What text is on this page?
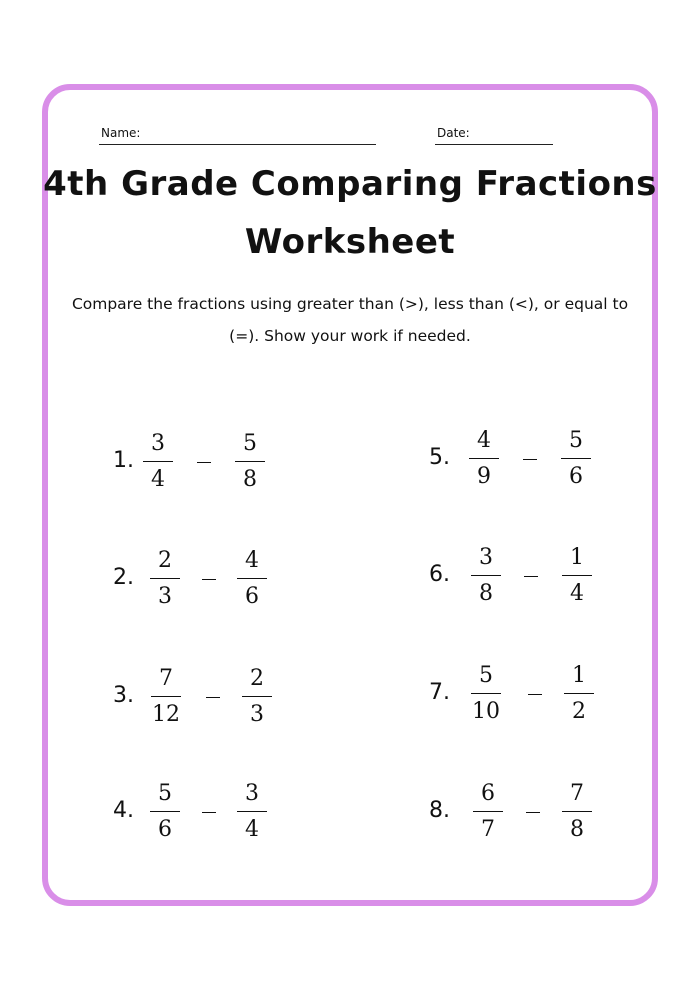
Name:	Date:
4th Grade Comparing Fractions
Worksheet
Compare the fractions using greater than (>), less than (<), or equal to
(=). Show your work if needed.
1.
3
4
5
8
2.
2
3
4
6
3.
7
12
2
3
4.
5
6
3
4
5.
4
9
5
6
6.
3
8
1
4
7.
5
10
1
2
8.
6
7
7
8
